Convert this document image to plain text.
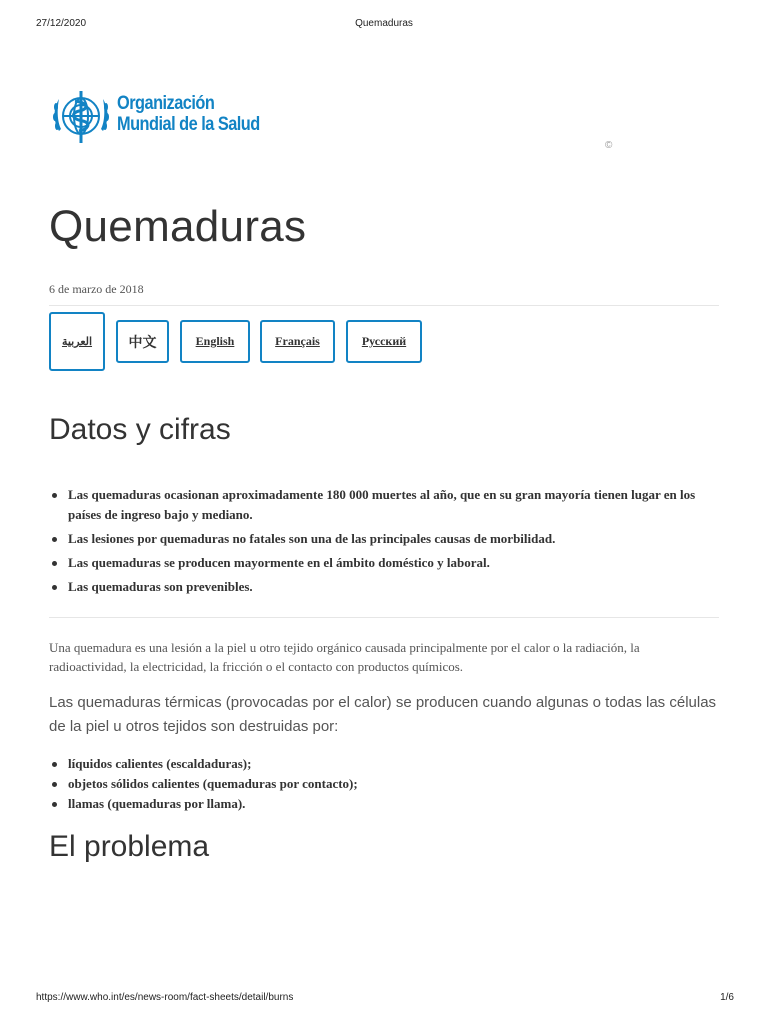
27/12/2020	Quemaduras
Organización
Mundial de la Salud
©
Quemaduras
6 de marzo de 2018
العربية	中文	English	Français	Русский
Datos y cifras
Las quemaduras ocasionan aproximadamente 180 000 muertes al año, que en su gran mayoría tienen lugar en los países de ingreso bajo y mediano.
Las lesiones por quemaduras no fatales son una de las principales causas de morbilidad.
Las quemaduras se producen mayormente en el ámbito doméstico y laboral.
Las quemaduras son prevenibles.

Una quemadura es una lesión a la piel u otro tejido orgánico causada principalmente por el calor o la radiación, la radioactividad, la electricidad, la fricción o el contacto con productos químicos.

Las quemaduras térmicas (provocadas por el calor) se producen cuando algunas o todas las células de la piel u otros tejidos son destruidas por:

líquidos calientes (escaldaduras);
objetos sólidos calientes (quemaduras por contacto);
llamas (quemaduras por llama).
El problema
https://www.who.int/es/news-room/fact-sheets/detail/burns	1/6
